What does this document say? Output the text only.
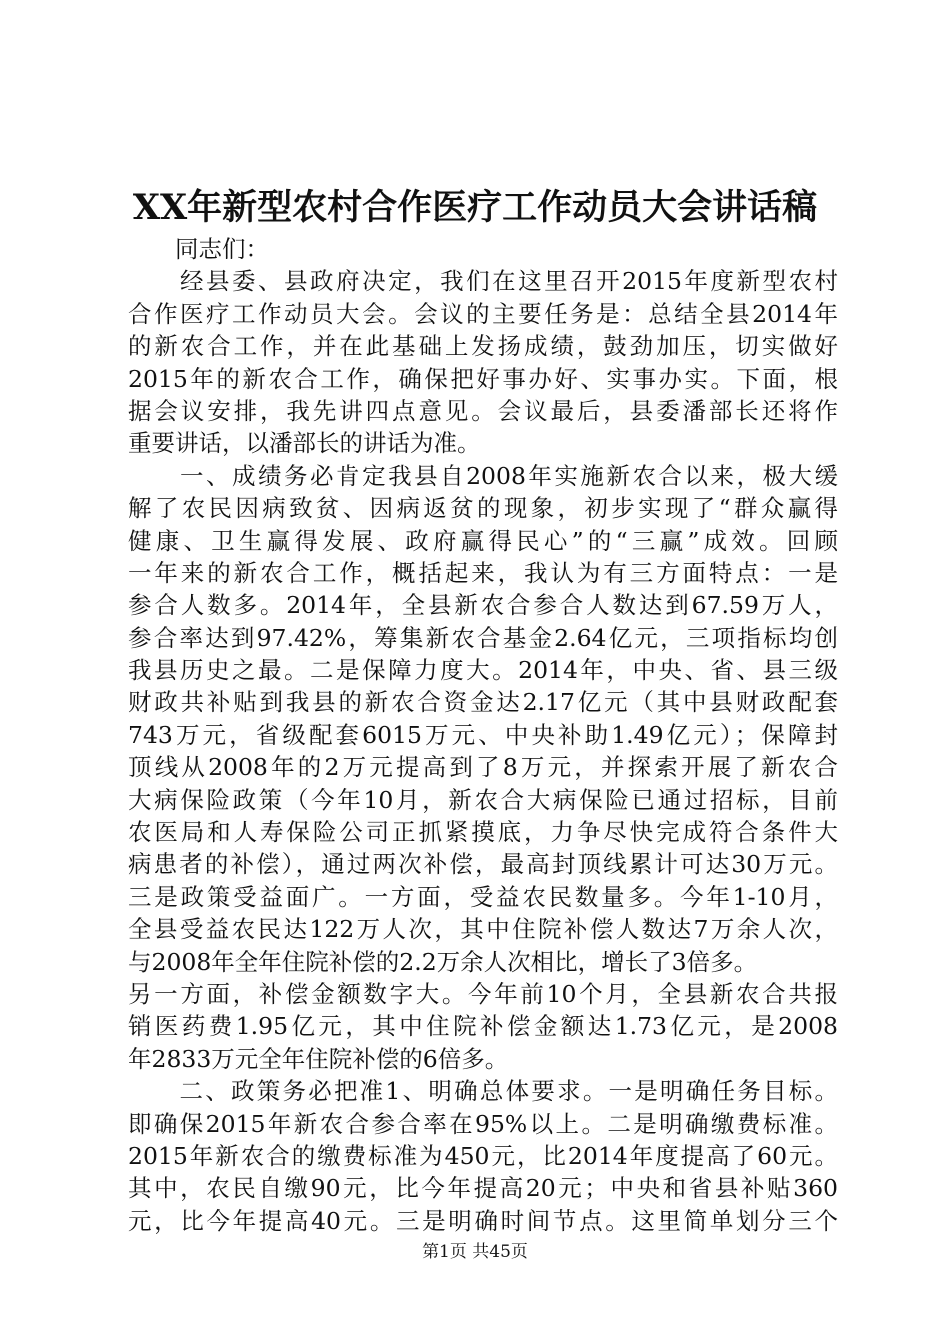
XX年新型农村合作医疗工作动员大会讲话稿
　　同志们：
　　经县委、县政府决定，我们在这里召开2015年度新型农村
合作医疗工作动员大会。会议的主要任务是：总结全县2014年
的新农合工作，并在此基础上发扬成绩，鼓劲加压，切实做好
2015年的新农合工作，确保把好事办好、实事办实。下面，根
据会议安排，我先讲四点意见。会议最后，县委潘部长还将作
重要讲话，以潘部长的讲话为准。
　　一、成绩务必肯定我县自2008年实施新农合以来，极大缓
解了农民因病致贫、因病返贫的现象，初步实现了“群众赢得
健康、卫生赢得发展、政府赢得民心”的“三赢”成效。回顾
一年来的新农合工作，概括起来，我认为有三方面特点：一是
参合人数多。2014年，全县新农合参合人数达到67.59万人，
参合率达到97.42%，筹集新农合基金2.64亿元，三项指标均创
我县历史之最。二是保障力度大。2014年，中央、省、县三级
财政共补贴到我县的新农合资金达2.17亿元（其中县财政配套
743万元，省级配套6015万元、中央补助1.49亿元）；保障封
顶线从2008年的2万元提高到了8万元，并探索开展了新农合
大病保险政策（今年10月，新农合大病保险已通过招标，目前
农医局和人寿保险公司正抓紧摸底，力争尽快完成符合条件大
病患者的补偿），通过两次补偿，最高封顶线累计可达30万元。
三是政策受益面广。一方面，受益农民数量多。今年1-10月，
全县受益农民达122万人次，其中住院补偿人数达7万余人次，
与2008年全年住院补偿的2.2万余人次相比，增长了3倍多。
另一方面，补偿金额数字大。今年前10个月，全县新农合共报
销医药费1.95亿元，其中住院补偿金额达1.73亿元，是2008
年2833万元全年住院补偿的6倍多。
　　二、政策务必把准1、明确总体要求。一是明确任务目标。
即确保2015年新农合参合率在95%以上。二是明确缴费标准。
2015年新农合的缴费标准为450元，比2014年度提高了60元。
其中，农民自缴90元，比今年提高20元；中央和省县补贴360
元，比今年提高40元。三是明确时间节点。这里简单划分三个
第1页 共45页
